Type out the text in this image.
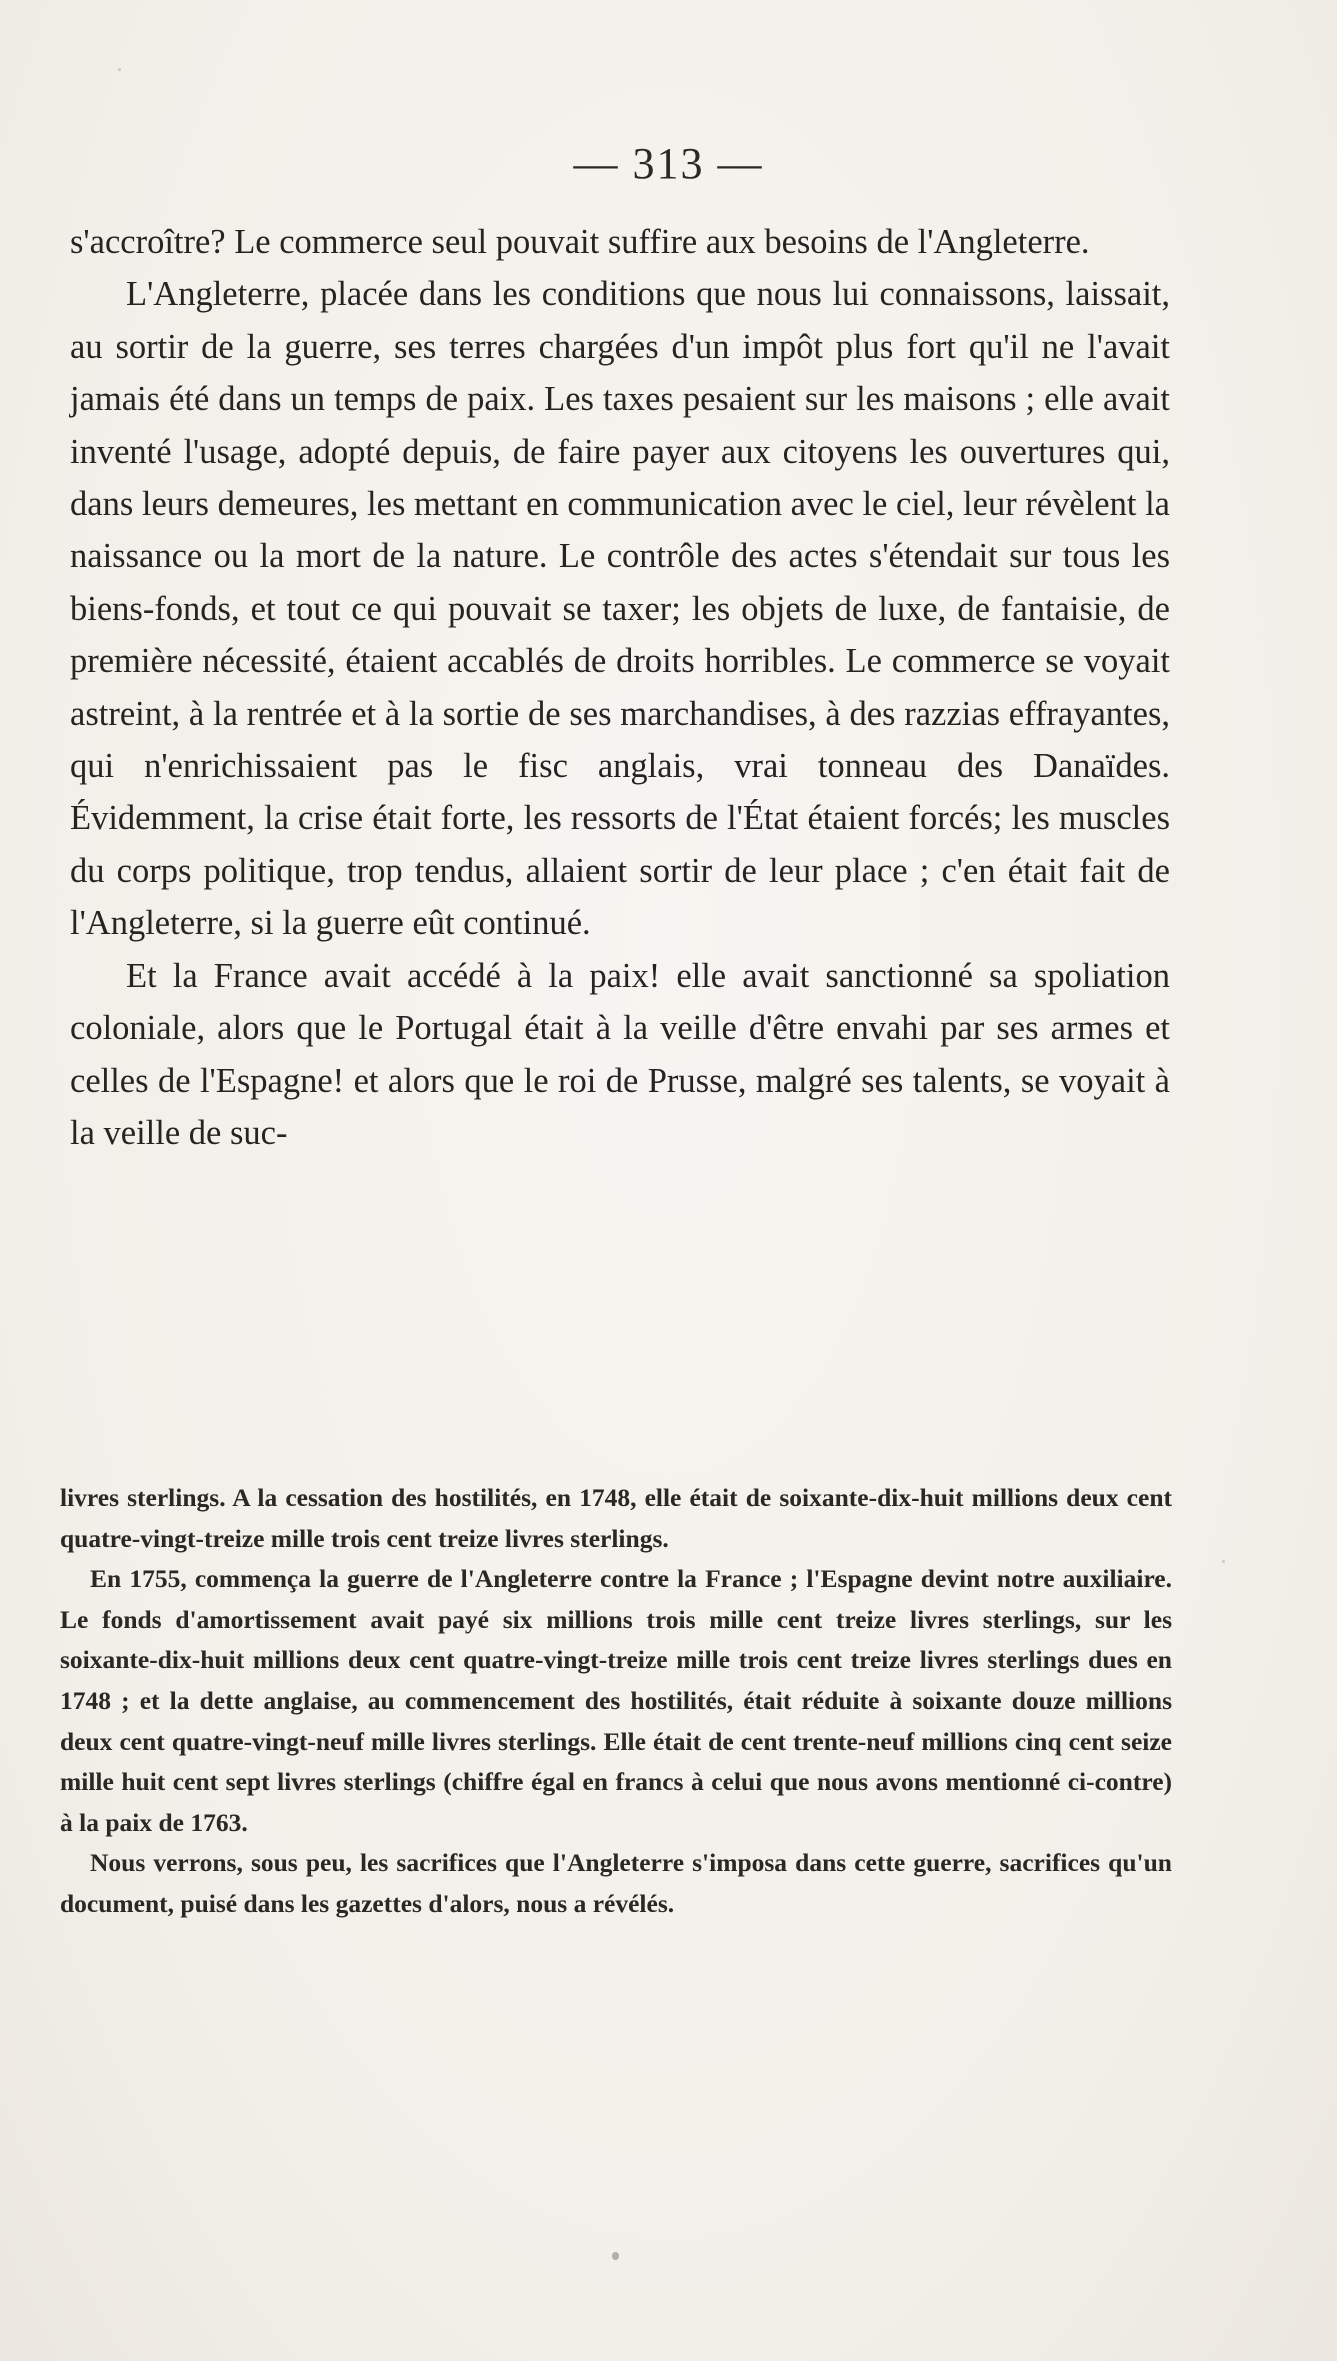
— 313 —

s'accroître? Le commerce seul pouvait suffire aux besoins de l'Angleterre.

L'Angleterre, placée dans les conditions que nous lui connaissons, laissait, au sortir de la guerre, ses terres chargées d'un impôt plus fort qu'il ne l'avait jamais été dans un temps de paix. Les taxes pesaient sur les maisons ; elle avait inventé l'usage, adopté depuis, de faire payer aux citoyens les ouvertures qui, dans leurs demeures, les mettant en communication avec le ciel, leur révèlent la naissance ou la mort de la nature. Le contrôle des actes s'étendait sur tous les biens-fonds, et tout ce qui pouvait se taxer; les objets de luxe, de fantaisie, de première nécessité, étaient accablés de droits horribles. Le commerce se voyait astreint, à la rentrée et à la sortie de ses marchandises, à des razzias effrayantes, qui n'enrichissaient pas le fisc anglais, vrai tonneau des Danaïdes. Évidemment, la crise était forte, les ressorts de l'État étaient forcés; les muscles du corps politique, trop tendus, allaient sortir de leur place ; c'en était fait de l'Angleterre, si la guerre eût continué.

Et la France avait accédé à la paix! elle avait sanctionné sa spoliation coloniale, alors que le Portugal était à la veille d'être envahi par ses armes et celles de l'Espagne! et alors que le roi de Prusse, malgré ses talents, se voyait à la veille de suc-

livres sterlings. A la cessation des hostilités, en 1748, elle était de soixante-dix-huit millions deux cent quatre-vingt-treize mille trois cent treize livres sterlings.

En 1755, commença la guerre de l'Angleterre contre la France ; l'Espagne devint notre auxiliaire. Le fonds d'amortissement avait payé six millions trois mille cent treize livres sterlings, sur les soixante-dix-huit millions deux cent quatre-vingt-treize mille trois cent treize livres sterlings dues en 1748 ; et la dette anglaise, au commencement des hostilités, était réduite à soixante douze millions deux cent quatre-vingt-neuf mille livres sterlings. Elle était de cent trente-neuf millions cinq cent seize mille huit cent sept livres sterlings (chiffre égal en francs à celui que nous avons mentionné ci-contre) à la paix de 1763.

Nous verrons, sous peu, les sacrifices que l'Angleterre s'imposa dans cette guerre, sacrifices qu'un document, puisé dans les gazettes d'alors, nous a révélés.
